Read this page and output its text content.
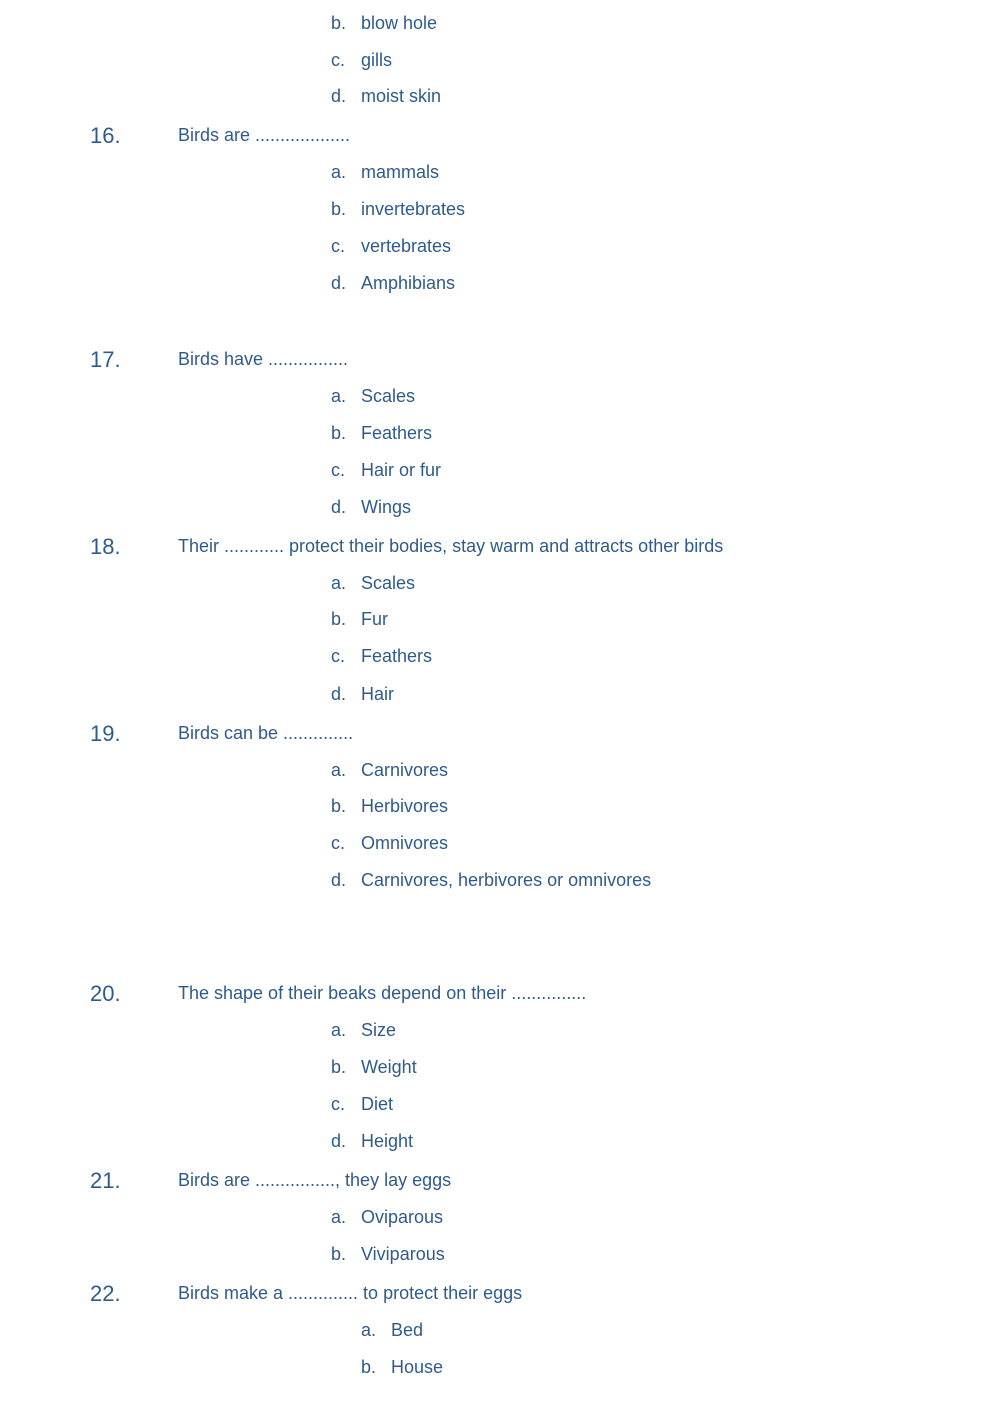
b. blow hole
c. gills
d. moist skin
16.	Birds are ...................
a. mammals
b. invertebrates
c. vertebrates
d. Amphibians
17.	Birds have ................
a. Scales
b. Feathers
c. Hair or fur
d. Wings
18.	Their ............ protect their bodies, stay warm and attracts other birds
a. Scales
b. Fur
c. Feathers
d. Hair
19.	Birds can be ..............
a. Carnivores
b. Herbivores
c. Omnivores
d. Carnivores, herbivores or omnivores
20.	The shape of their beaks depend on their ...............
a. Size
b. Weight
c. Diet
d. Height
21.	Birds are ................, they lay eggs
a. Oviparous
b. Viviparous
22.	Birds make a .............. to protect their eggs
a. Bed
b. House
